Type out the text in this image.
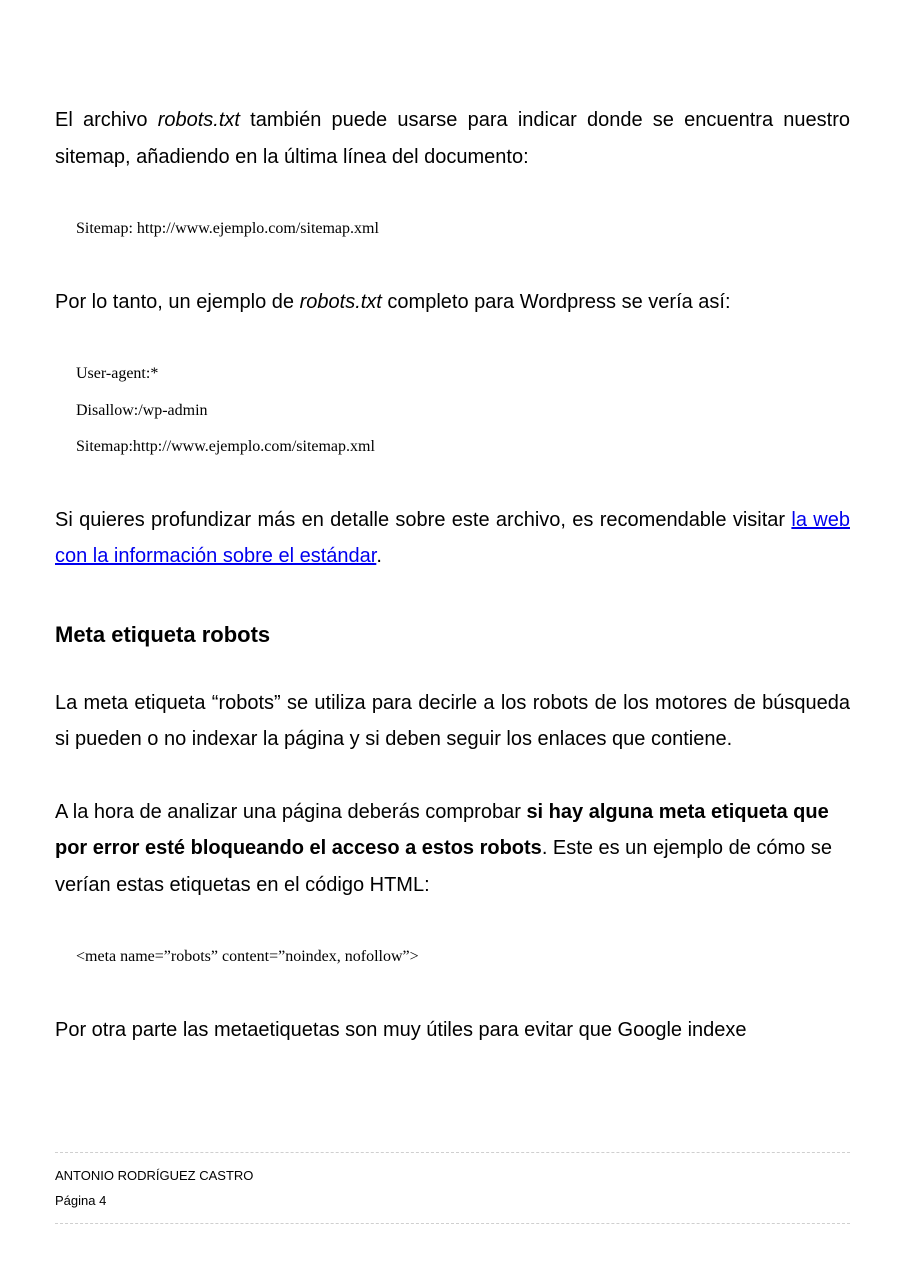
El archivo robots.txt también puede usarse para indicar donde se encuentra nuestro sitemap, añadiendo en la última línea del documento:

Sitemap: http://www.ejemplo.com/sitemap.xml

Por lo tanto, un ejemplo de robots.txt completo para Wordpress se vería así:

User-agent:*

Disallow:/wp-admin

Sitemap:http://www.ejemplo.com/sitemap.xml

Si quieres profundizar más en detalle sobre este archivo, es recomendable visitar la web con la información sobre el estándar.

Meta etiqueta robots

La meta etiqueta “robots” se utiliza para decirle a los robots de los motores de búsqueda si pueden o no indexar la página y si deben seguir los enlaces que contiene.

A la hora de analizar una página deberás comprobar si hay alguna meta etiqueta que por error esté bloqueando el acceso a estos robots. Este es un ejemplo de cómo se verían estas etiquetas en el código HTML:

<meta name=”robots” content=”noindex, nofollow”>

Por otra parte las metaetiquetas son muy útiles para evitar que Google indexe

ANTONIO RODRÍGUEZ CASTRO
Página 4
